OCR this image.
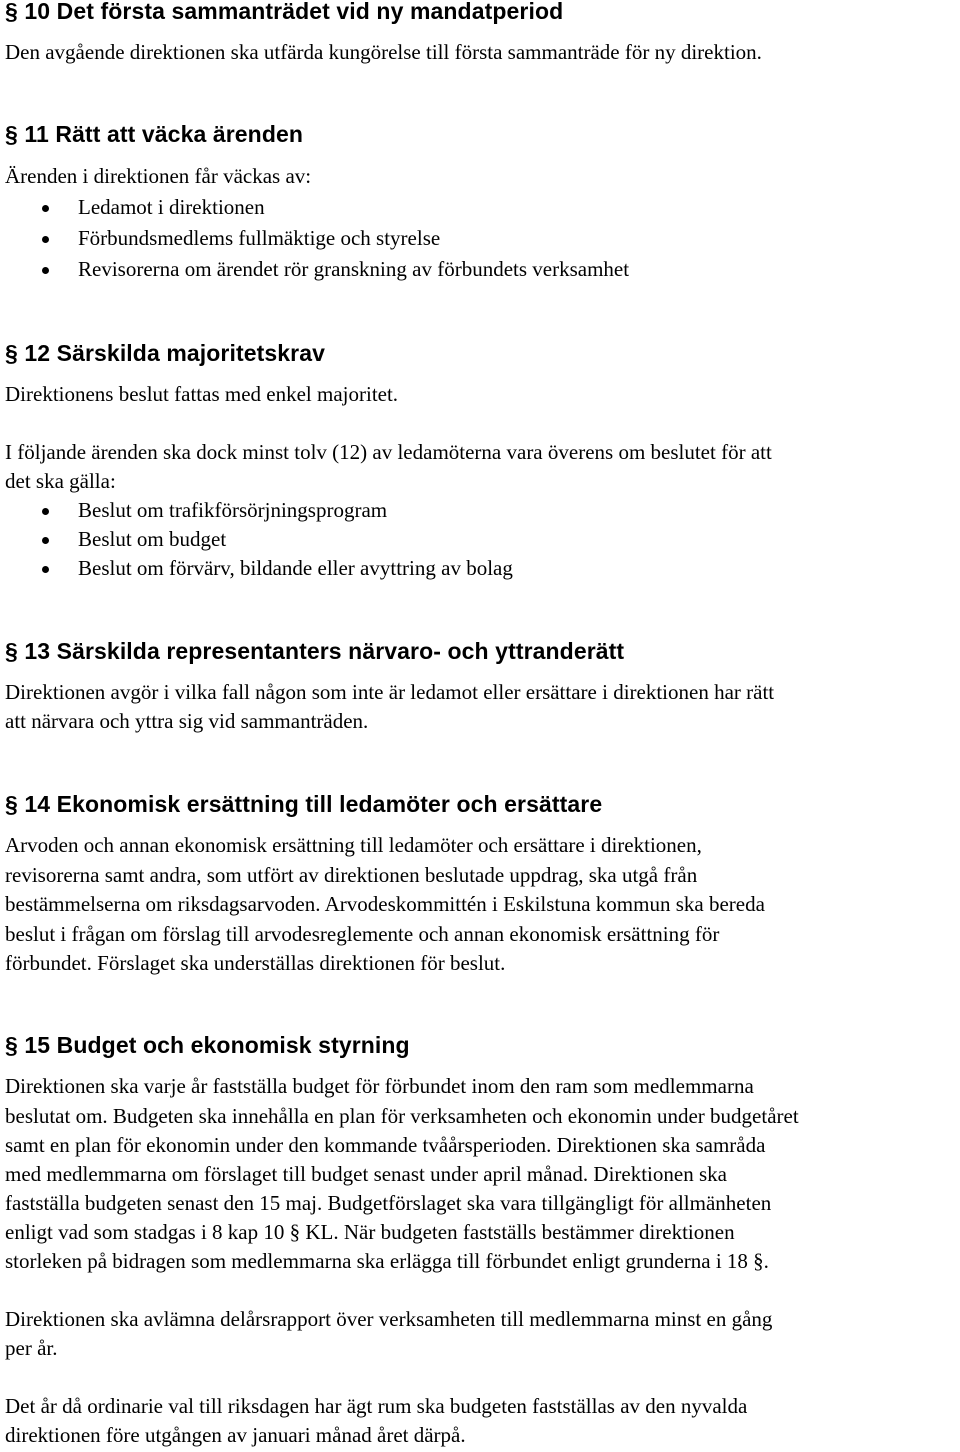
§ 10 Det första sammanträdet vid ny mandatperiod
Den avgående direktionen ska utfärda kungörelse till första sammanträde för ny direktion.
§ 11 Rätt att väcka ärenden
Ärenden i direktionen får väckas av:
Ledamot i direktionen
Förbundsmedlems fullmäktige och styrelse
Revisorerna om ärendet rör granskning av förbundets verksamhet
§ 12 Särskilda majoritetskrav
Direktionens beslut fattas med enkel majoritet.
I följande ärenden ska dock minst tolv (12) av ledamöterna vara överens om beslutet för att
det ska gälla:
Beslut om trafikförsörjningsprogram
Beslut om budget
Beslut om förvärv, bildande eller avyttring av bolag
§ 13 Särskilda representanters närvaro- och yttranderätt
Direktionen avgör i vilka fall någon som inte är ledamot eller ersättare i direktionen har rätt
att närvara och yttra sig vid sammanträden.
§ 14 Ekonomisk ersättning till ledamöter och ersättare
Arvoden och annan ekonomisk ersättning till ledamöter och ersättare i direktionen,
revisorerna samt andra, som utfört av direktionen beslutade uppdrag, ska utgå från
bestämmelserna om riksdagsarvoden. Arvodeskommittén i Eskilstuna kommun ska bereda
beslut i frågan om förslag till arvodesreglemente och annan ekonomisk ersättning för
förbundet. Förslaget ska underställas direktionen för beslut.
§ 15 Budget och ekonomisk styrning
Direktionen ska varje år fastställa budget för förbundet inom den ram som medlemmarna
beslutat om. Budgeten ska innehålla en plan för verksamheten och ekonomin under budgetåret
samt en plan för ekonomin under den kommande tvåårsperioden. Direktionen ska samråda
med medlemmarna om förslaget till budget senast under april månad. Direktionen ska
fastställa budgeten senast den 15 maj. Budgetförslaget ska vara tillgängligt för allmänheten
enligt vad som stadgas i 8 kap 10 § KL. När budgeten fastställs bestämmer direktionen
storleken på bidragen som medlemmarna ska erlägga till förbundet enligt grunderna i 18 §.
Direktionen ska avlämna delårsrapport över verksamheten till medlemmarna minst en gång
per år.
Det år då ordinarie val till riksdagen har ägt rum ska budgeten fastställas av den nyvalda
direktionen före utgången av januari månad året därpå.
